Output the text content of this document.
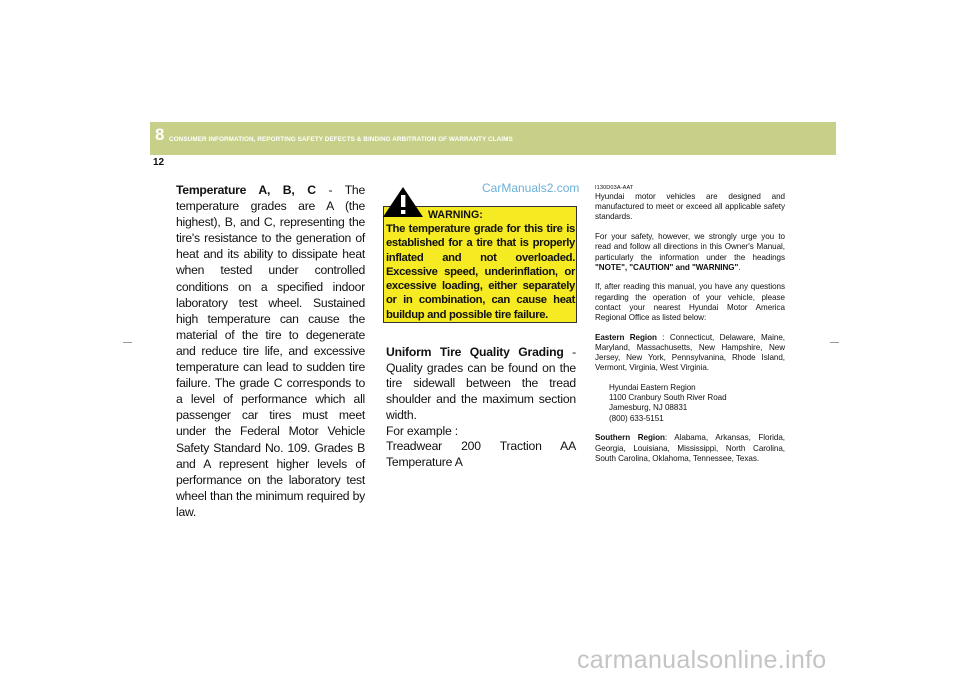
8 CONSUMER INFORMATION, REPORTING SAFETY DEFECTS & BINDING ARBITRATION OF WARRANTY CLAIMS
12
Temperature A, B, C - The temperature grades are A (the highest), B, and C, representing the tire's resistance to the generation of heat and its ability to dissipate heat when tested under controlled conditions on a specified indoor laboratory test wheel. Sustained high temperature can cause the material of the tire to degenerate and reduce tire life, and excessive temperature can lead to sudden tire failure. The grade C corresponds to a level of performance which all passenger car tires must meet under the Federal Motor Vehicle Safety Standard No. 109. Grades B and A represent higher levels of performance on the laboratory test wheel than the minimum required by law.
CarManuals2.com
WARNING:
The temperature grade for this tire is established for a tire that is properly inflated and not overloaded. Excessive speed, underinflation, or excessive loading, either separately or in combination, can cause heat buildup and possible tire failure.
Uniform Tire Quality Grading - Quality grades can be found on the tire sidewall between the tread shoulder and the maximum section width.
For example :
Treadwear 200 Traction AA Temperature A

I130D03A-AAT

Hyundai motor vehicles are designed and manufactured to meet or exceed all applicable safety standards.

For your safety, however, we strongly urge you to read and follow all directions in this Owner's Manual, particularly the information under the headings "NOTE", "CAUTION" and "WARNING".

If, after reading this manual, you have any questions regarding the operation of your vehicle, please contact your nearest Hyundai Motor America Regional Office as listed below:

Eastern Region : Connecticut, Delaware, Maine, Maryland, Massachusetts, New Hampshire, New Jersey, New York, Pennsylvanina, Rhode Island, Vermont, Virginia, West Virginia.

Hyundai Eastern Region
1100 Cranbury South River Road
Jamesburg, NJ 08831
(800) 633-5151

Southern Region: Alabama, Arkansas, Florida, Georgia, Louisiana, Mississippi, North Carolina, South Carolina, Oklahoma, Tennessee, Texas.

carmanualsonline.info
